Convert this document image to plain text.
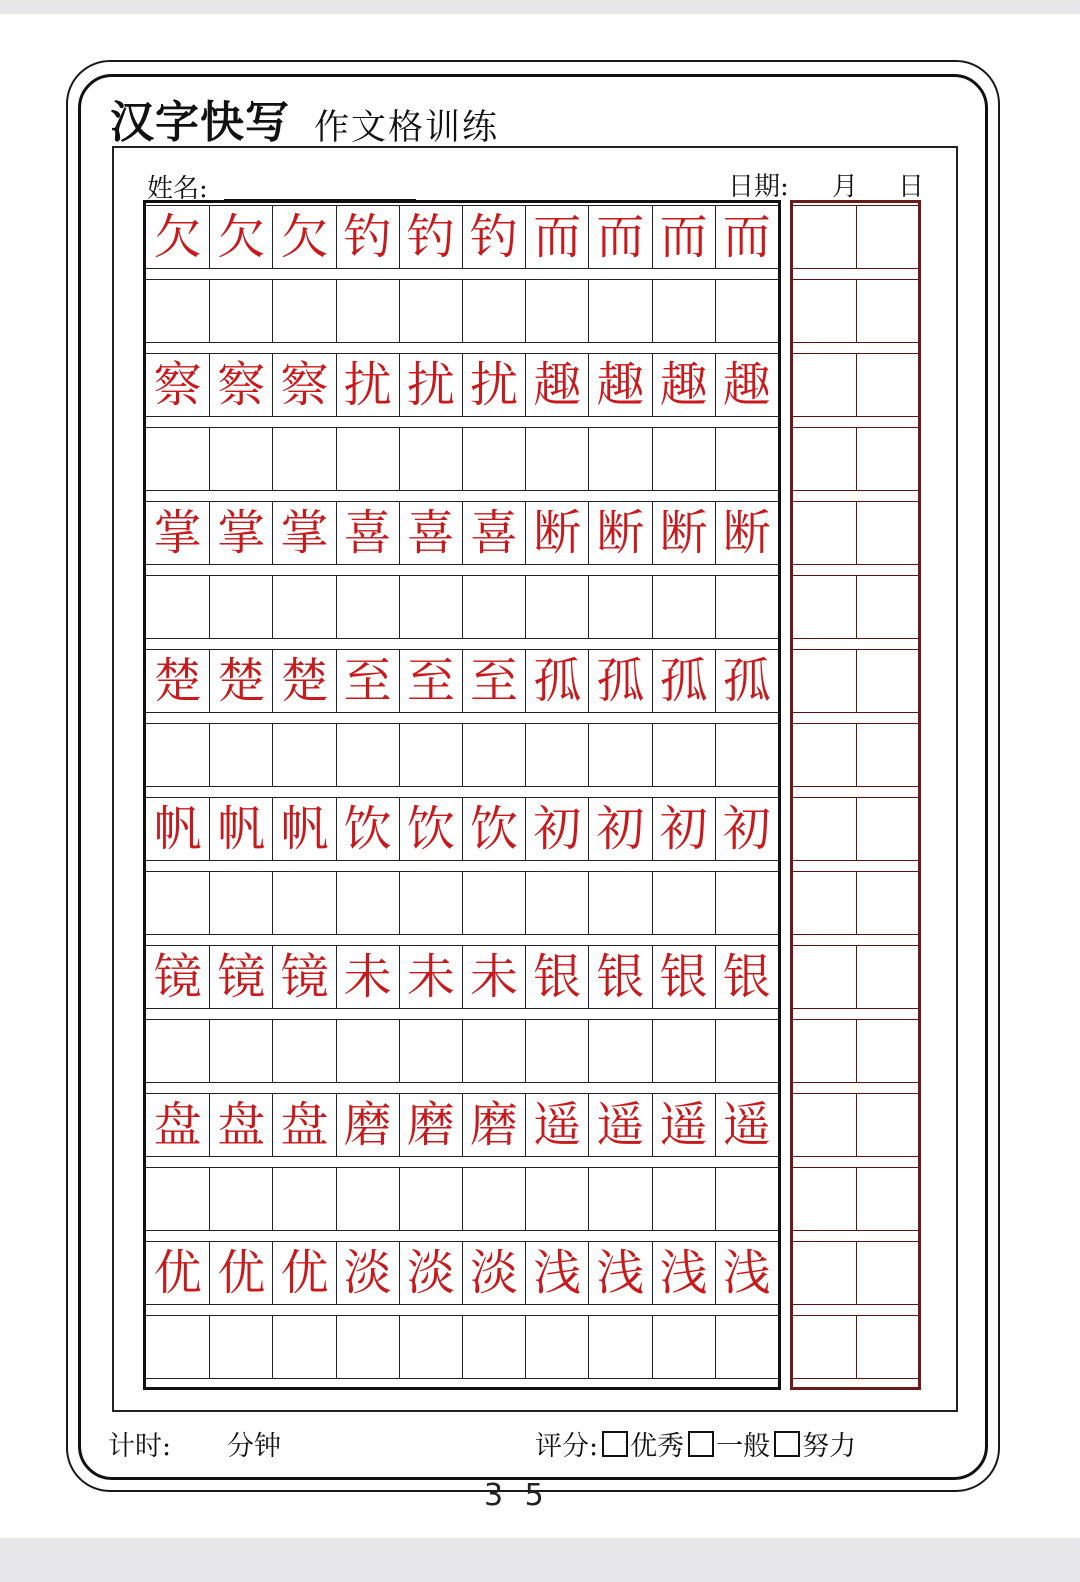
汉字快写 作文格训练
姓名:	日期: 月 日
欠 欠 欠 钓 钓 钓 而 而 而 而
察 察 察 扰 扰 扰 趣 趣 趣 趣
掌 掌 掌 喜 喜 喜 断 断 断 断
楚 楚 楚 至 至 至 孤 孤 孤 孤
帆 帆 帆 饮 饮 饮 初 初 初 初
镜 镜 镜 未 未 未 银 银 银 银
盘 盘 盘 磨 磨 磨 遥 遥 遥 遥
优 优 优 淡 淡 淡 浅 浅 浅 浅
计时: 分钟	评分: 优秀 一般 努力
3 5
